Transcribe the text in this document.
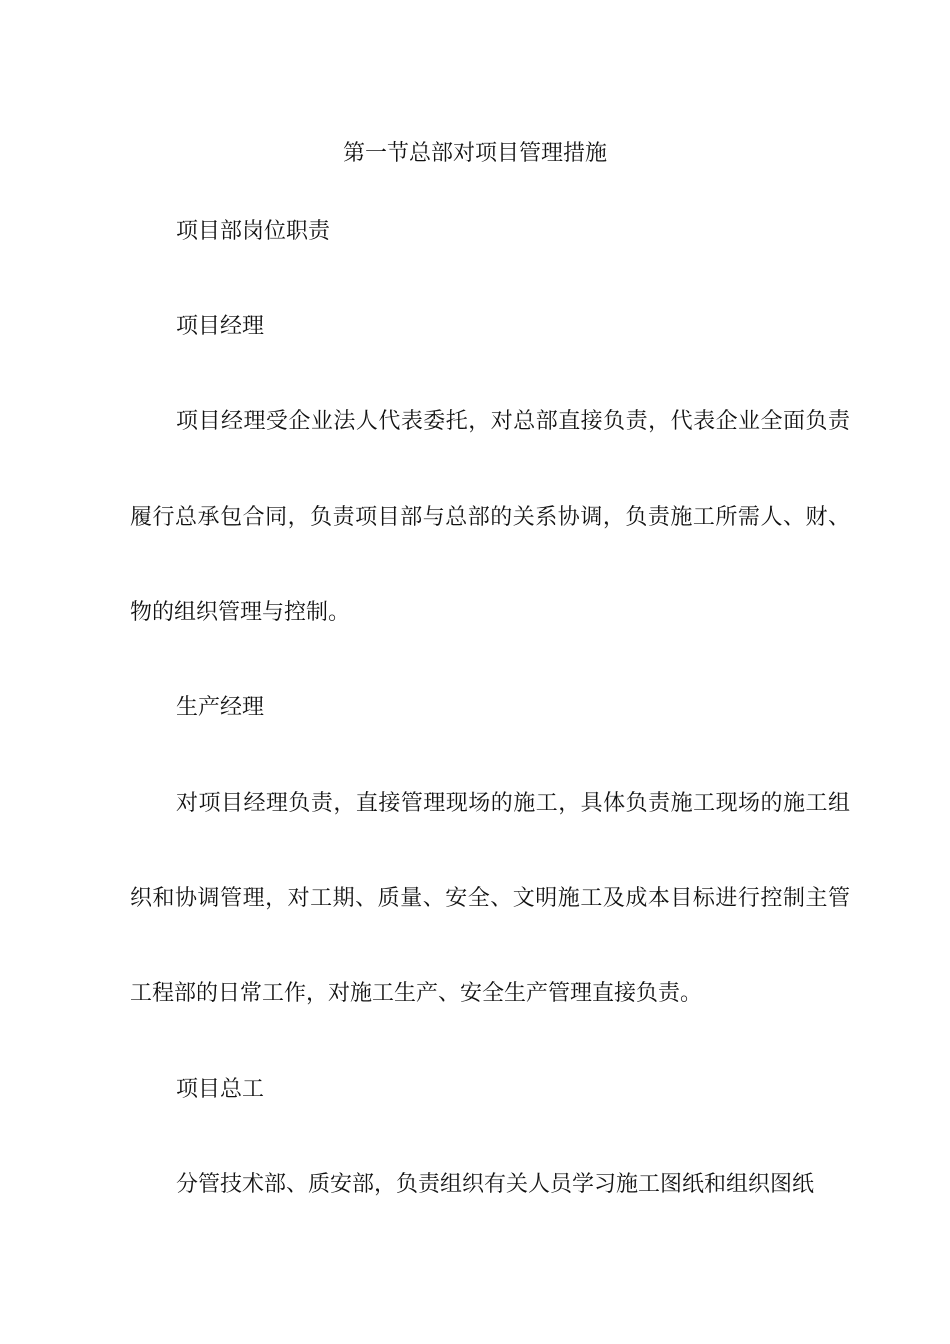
第一节总部对项目管理措施

项目部岗位职责

项目经理

项目经理受企业法人代表委托，对总部直接负责，代表企业全面负责

履行总承包合同，负责项目部与总部的关系协调，负责施工所需人、财、

物的组织管理与控制。

生产经理

对项目经理负责，直接管理现场的施工，具体负责施工现场的施工组

织和协调管理，对工期、质量、安全、文明施工及成本目标进行控制主管

工程部的日常工作，对施工生产、安全生产管理直接负责。

项目总工

分管技术部、质安部，负责组织有关人员学习施工图纸和组织图纸
